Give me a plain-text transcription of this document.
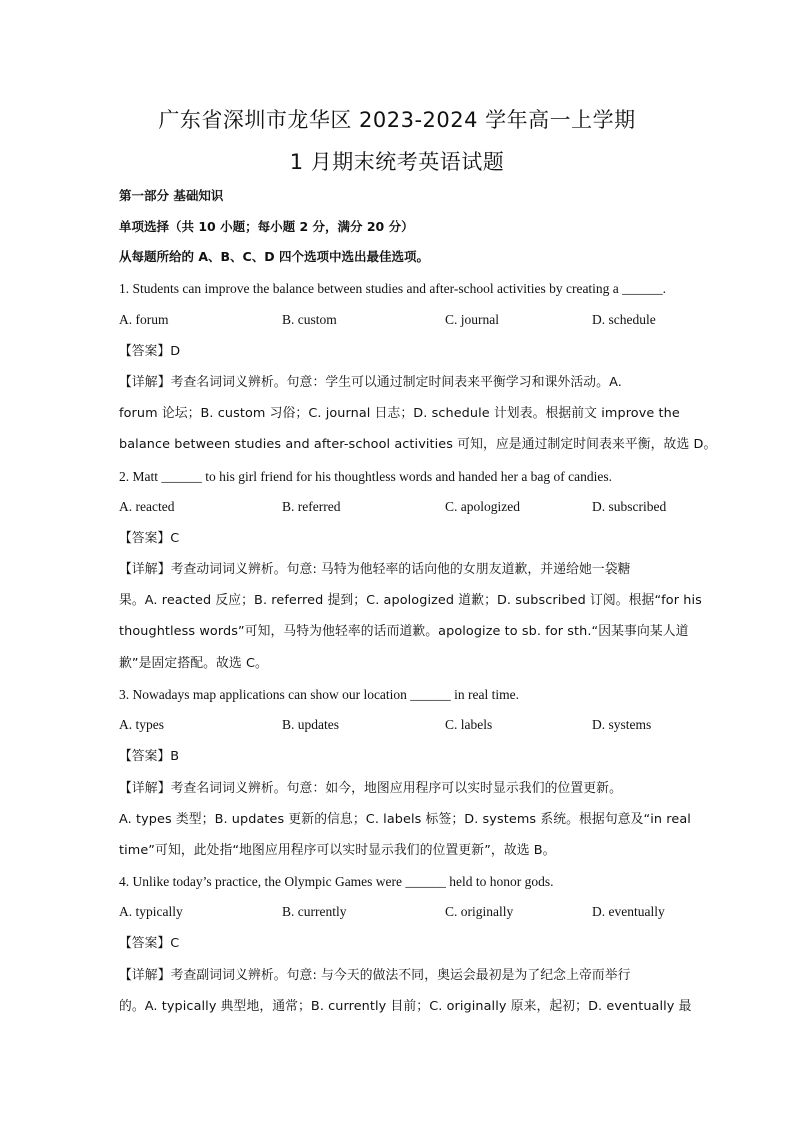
广东省深圳市龙华区 2023-2024 学年高一上学期
1 月期末统考英语试题
第一部分 基础知识
单项选择（共 10 小题；每小题 2 分，满分 20 分）
从每题所给的 A、B、C、D 四个选项中选出最佳选项。
1. Students can improve the balance between studies and after-school activities by creating a ______.
A. forum	B. custom	C. journal	D. schedule
【答案】D
【详解】考查名词词义辨析。句意：学生可以通过制定时间表来平衡学习和课外活动。A.
forum 论坛；B. custom 习俗；C. journal 日志；D. schedule 计划表。根据前文 improve the
balance between studies and after-school activities 可知，应是通过制定时间表来平衡，故选 D。
2. Matt ______ to his girl friend for his thoughtless words and handed her a bag of candies.
A. reacted	B. referred	C. apologized	D. subscribed
【答案】C
【详解】考查动词词义辨析。句意: 马特为他轻率的话向他的女朋友道歉，并递给她一袋糖
果。A. reacted 反应；B. referred 提到；C. apologized 道歉；D. subscribed 订阅。根据“for his
thoughtless words”可知，马特为他轻率的话而道歉。apologize to sb. for sth.“因某事向某人道
歉”是固定搭配。故选 C。
3. Nowadays map applications can show our location ______ in real time.
A. types	B. updates	C. labels	D. systems
【答案】B
【详解】考查名词词义辨析。句意：如今，地图应用程序可以实时显示我们的位置更新。
A. types 类型；B. updates 更新的信息；C. labels 标签；D. systems 系统。根据句意及“in real
time”可知，此处指“地图应用程序可以实时显示我们的位置更新”，故选 B。
4. Unlike today’s practice, the Olympic Games were ______ held to honor gods.
A. typically	B. currently	C. originally	D. eventually
【答案】C
【详解】考查副词词义辨析。句意: 与今天的做法不同，奥运会最初是为了纪念上帝而举行
的。A. typically 典型地，通常；B. currently 目前；C. originally 原来，起初；D. eventually 最
